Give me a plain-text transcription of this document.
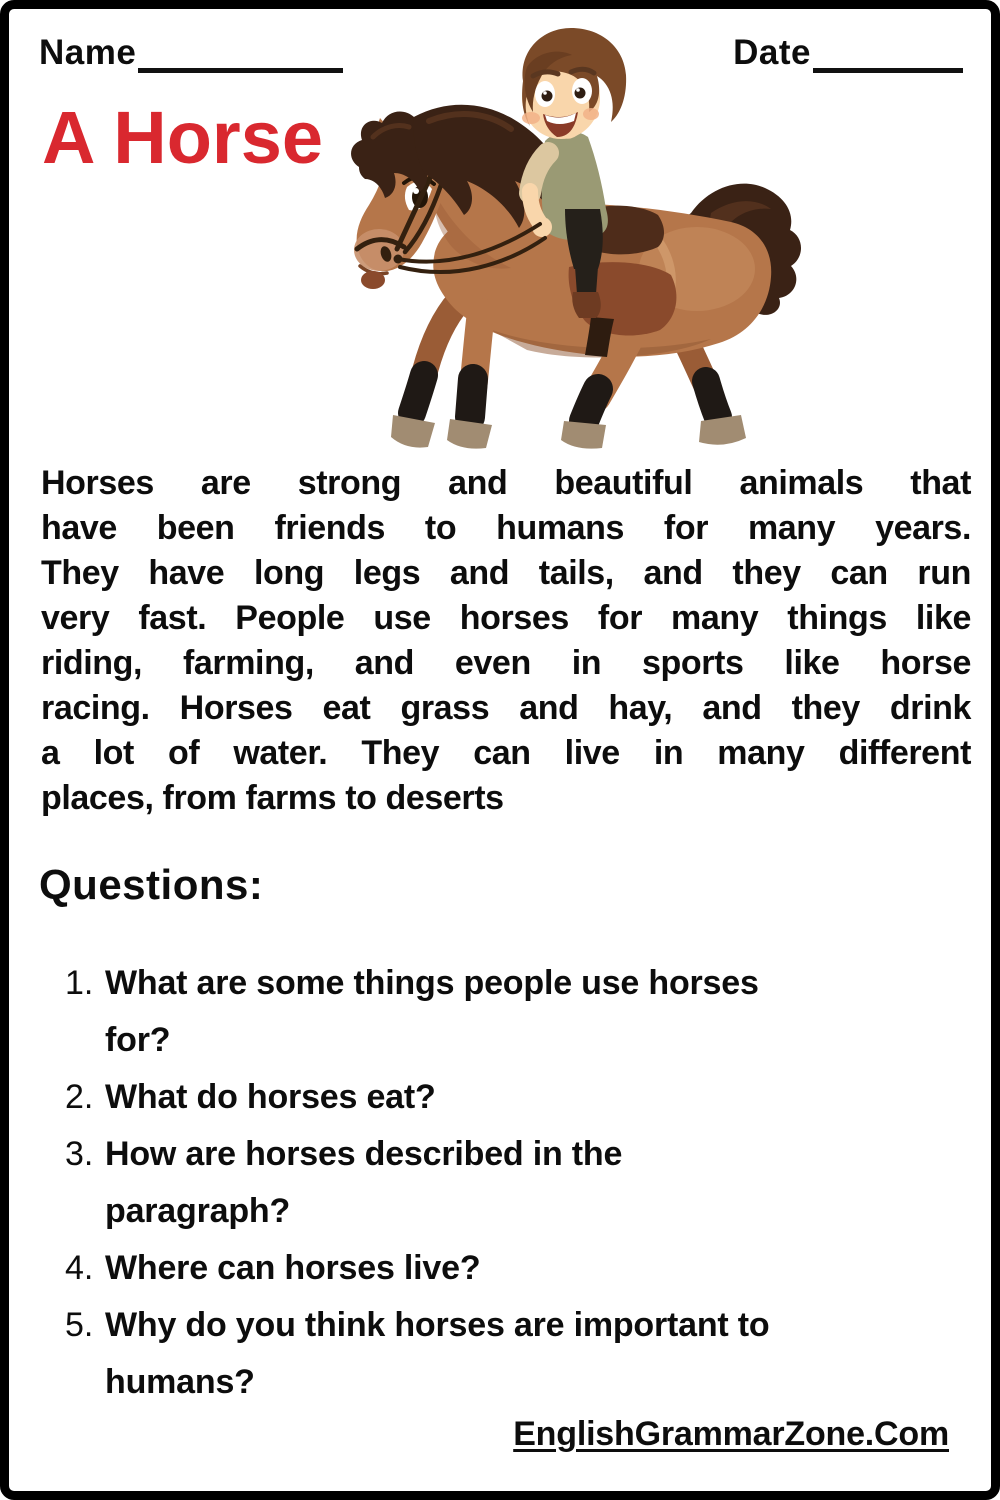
Name	Date
A Horse
Horses are strong and beautiful animals that
have been friends to humans for many years.
They have long legs and tails, and they can run
very fast. People use horses for many things like
riding, farming, and even in sports like horse
racing. Horses eat grass and hay, and they drink
a lot of water. They can live in many different
places, from farms to deserts
Questions:
1. What are some things people use horses
for?
2. What do horses eat?
3. How are horses described in the
paragraph?
4. Where can horses live?
5. Why do you think horses are important to
humans?
EnglishGrammarZone.Com
